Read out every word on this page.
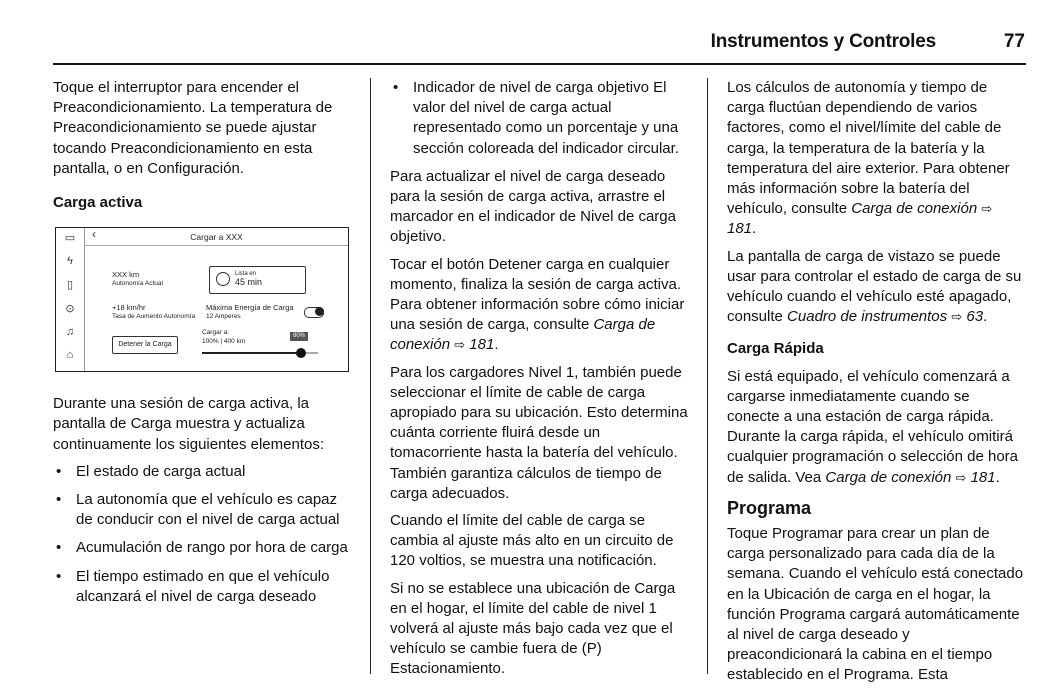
Instrumentos y Controles	77

Toque el interruptor para encender el Preacondicionamiento. La temperatura de Preacondicionamiento se puede ajustar tocando Preacondicionamiento en esta pantalla, o en Configuración.

Carga activa
▭
ϟ
▯
⊙
♫
⌂
‹	Cargar a XXX
XXX km
Autonomía Actual
Lista en
45 min
+18 km/hr
Tasa de Aumento Autonomía
Máxima Energía de Carga
12 Amperes
Cargar a:
100% | 400 km
80%
Detener la Carga

Durante una sesión de carga activa, la pantalla de Carga muestra y actualiza continuamente los siguientes elementos:

• El estado de carga actual
• La autonomía que el vehículo es capaz de conducir con el nivel de carga actual
• Acumulación de rango por hora de carga
• El tiempo estimado en que el vehículo alcanzará el nivel de carga deseado
• Indicador de nivel de carga objetivo El valor del nivel de carga actual representado como un porcentaje y una sección coloreada del indicador circular.

Para actualizar el nivel de carga deseado para la sesión de carga activa, arrastre el marcador en el indicador de Nivel de carga objetivo.

Tocar el botón Detener carga en cualquier momento, finaliza la sesión de carga activa. Para obtener información sobre cómo iniciar una sesión de carga, consulte Carga de conexión ⇨ 181.

Para los cargadores Nivel 1, también puede seleccionar el límite de cable de carga apropiado para su ubicación. Esto determina cuánta corriente fluirá desde un tomacorriente hasta la batería del vehículo. También garantiza cálculos de tiempo de carga adecuados.

Cuando el límite del cable de carga se cambia al ajuste más alto en un circuito de 120 voltios, se muestra una notificación.

Si no se establece una ubicación de Carga en el hogar, el límite del cable de nivel 1 volverá al ajuste más bajo cada vez que el vehículo se cambie fuera de (P) Estacionamiento.

Los cálculos de autonomía y tiempo de carga fluctúan dependiendo de varios factores, como el nivel/límite del cable de carga, la temperatura de la batería y la temperatura del aire exterior. Para obtener más información sobre la batería del vehículo, consulte Carga de conexión ⇨ 181.

La pantalla de carga de vistazo se puede usar para controlar el estado de carga de su vehículo cuando el vehículo esté apagado, consulte Cuadro de instrumentos ⇨ 63.

Carga Rápida

Si está equipado, el vehículo comenzará a cargarse inmediatamente cuando se conecte a una estación de carga rápida. Durante la carga rápida, el vehículo omitirá cualquier programación o selección de hora de salida. Vea Carga de conexión ⇨ 181.

Programa

Toque Programar para crear un plan de carga personalizado para cada día de la semana. Cuando el vehículo está conectado en la Ubicación de carga en el hogar, la función Programa cargará automáticamente al nivel de carga deseado y preacondicionará la cabina en el tiempo establecido en el Programa. Esta
